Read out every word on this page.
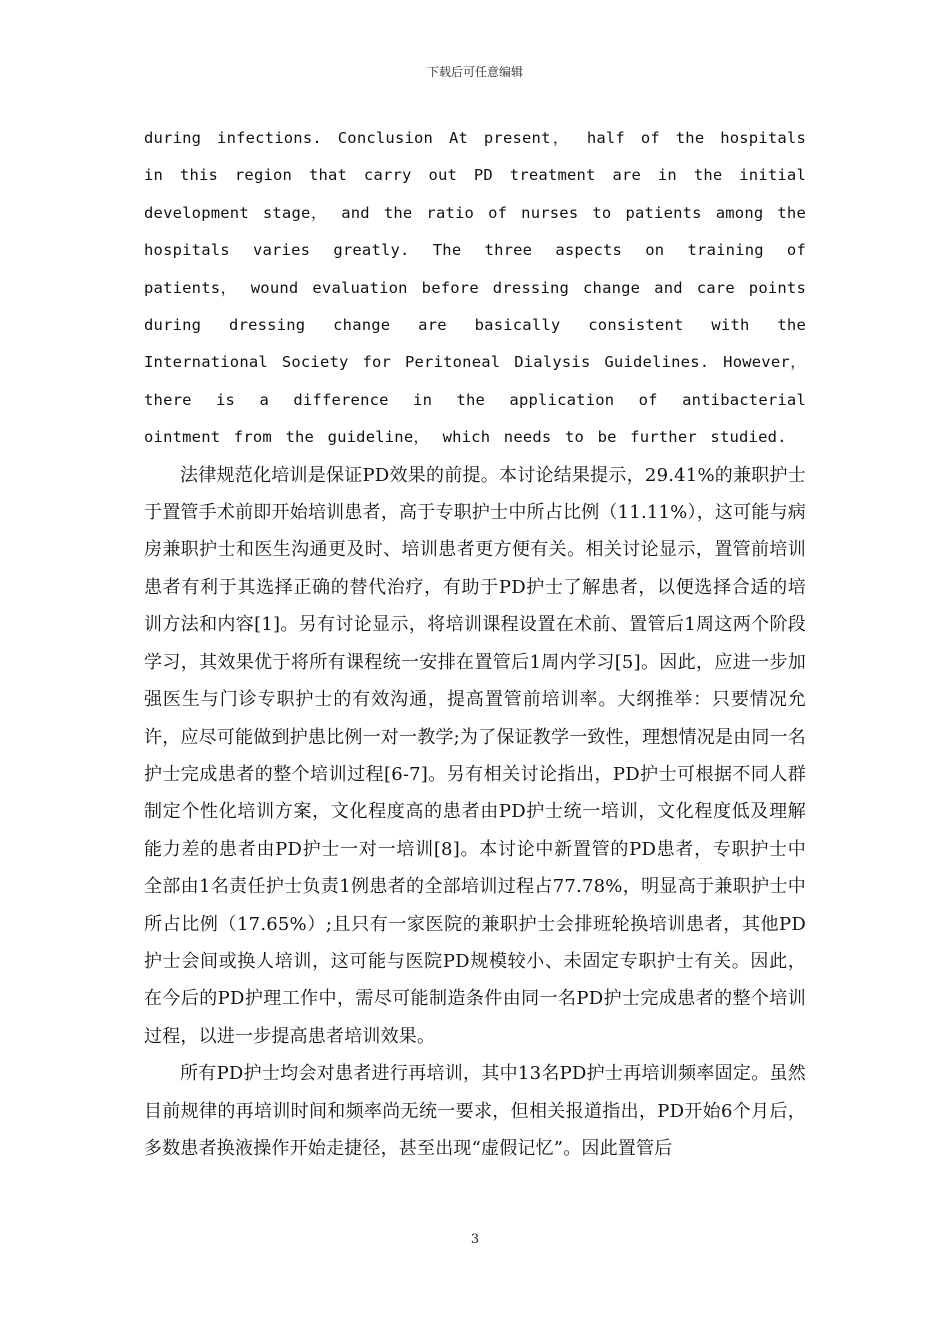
下载后可任意编辑

during infections. Conclusion At present， half of the hospitals in this region that carry out PD treatment are in the initial development stage， and the ratio of nurses to patients among the hospitals varies greatly. The three aspects on training of patients， wound evaluation before dressing change and care points during dressing change are basically consistent with the International Society for Peritoneal Dialysis Guidelines. However， there is a difference in the application of antibacterial ointment from the guideline， which needs to be further studied.

法律规范化培训是保证PD效果的前提。本讨论结果提示，29.41%的兼职护士于置管手术前即开始培训患者，高于专职护士中所占比例（11.11%），这可能与病房兼职护士和医生沟通更及时、培训患者更方便有关。相关讨论显示，置管前培训患者有利于其选择正确的替代治疗，有助于PD护士了解患者，以便选择合适的培训方法和内容[1]。另有讨论显示，将培训课程设置在术前、置管后1周这两个阶段学习，其效果优于将所有课程统一安排在置管后1周内学习[5]。因此，应进一步加强医生与门诊专职护士的有效沟通，提高置管前培训率。大纲推举：只要情况允许，应尽可能做到护患比例一对一教学;为了保证教学一致性，理想情况是由同一名护士完成患者的整个培训过程[6-7]。另有相关讨论指出，PD护士可根据不同人群制定个性化培训方案，文化程度高的患者由PD护士统一培训，文化程度低及理解能力差的患者由PD护士一对一培训[8]。本讨论中新置管的PD患者，专职护士中全部由1名责任护士负责1例患者的全部培训过程占77.78%，明显高于兼职护士中所占比例（17.65%）;且只有一家医院的兼职护士会排班轮换培训患者，其他PD护士会间或换人培训，这可能与医院PD规模较小、未固定专职护士有关。因此，在今后的PD护理工作中，需尽可能制造条件由同一名PD护士完成患者的整个培训过程，以进一步提高患者培训效果。

所有PD护士均会对患者进行再培训，其中13名PD护士再培训频率固定。虽然目前规律的再培训时间和频率尚无统一要求，但相关报道指出，PD开始6个月后，多数患者换液操作开始走捷径，甚至出现“虚假记忆”。因此置管后

3
